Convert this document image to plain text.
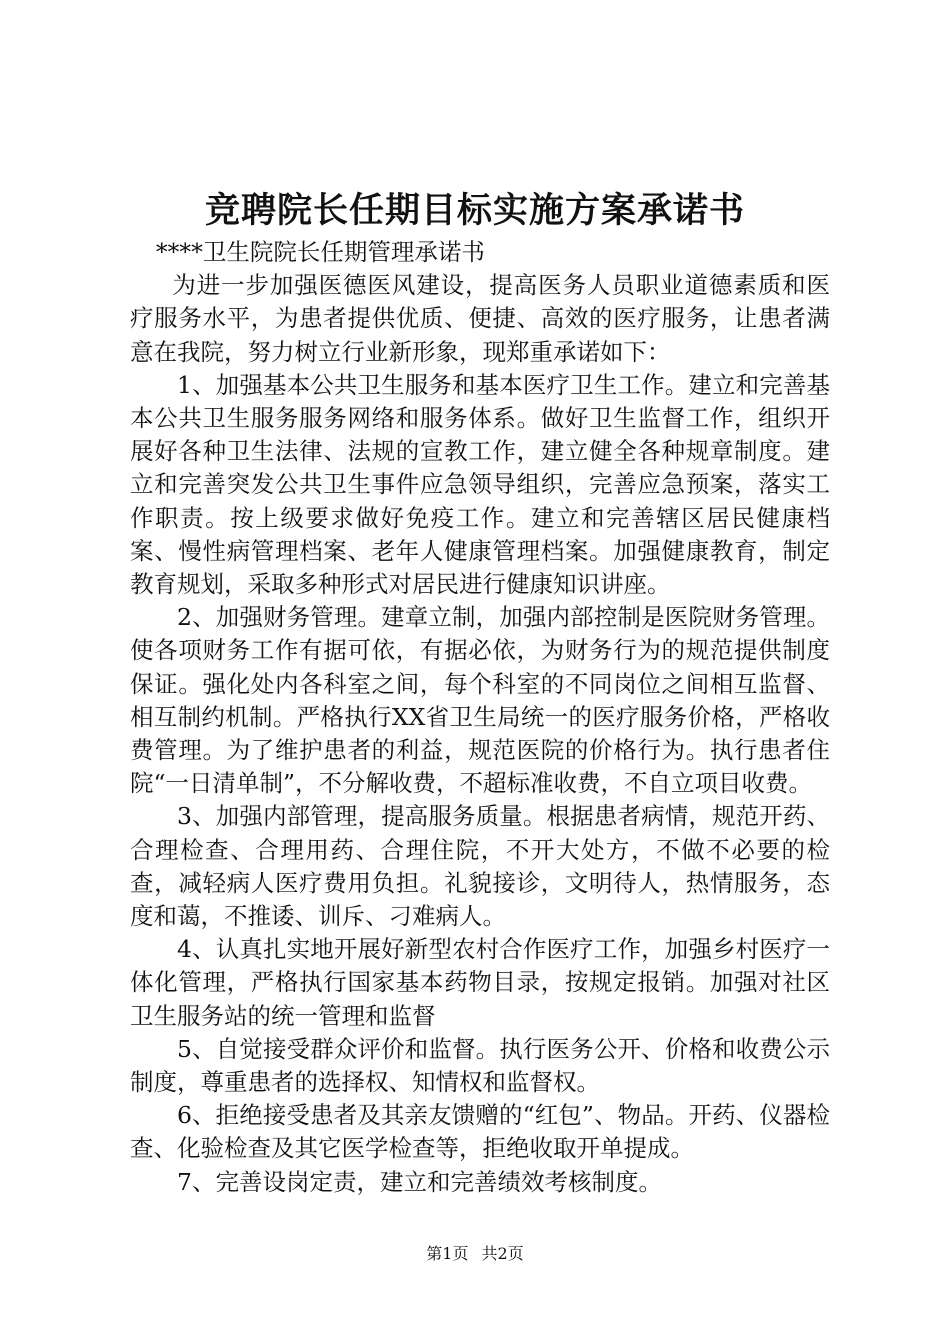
竞聘院长任期目标实施方案承诺书

****卫生院院长任期管理承诺书

为进一步加强医德医风建设，提高医务人员职业道德素质和医疗服务水平，为患者提供优质、便捷、高效的医疗服务，让患者满意在我院，努力树立行业新形象，现郑重承诺如下：

1、加强基本公共卫生服务和基本医疗卫生工作。建立和完善基本公共卫生服务服务网络和服务体系。做好卫生监督工作，组织开展好各种卫生法律、法规的宣教工作，建立健全各种规章制度。建立和完善突发公共卫生事件应急领导组织，完善应急预案，落实工作职责。按上级要求做好免疫工作。建立和完善辖区居民健康档案、慢性病管理档案、老年人健康管理档案。加强健康教育，制定教育规划，采取多种形式对居民进行健康知识讲座。

2、加强财务管理。建章立制，加强内部控制是医院财务管理。使各项财务工作有据可依，有据必依，为财务行为的规范提供制度保证。强化处内各科室之间，每个科室的不同岗位之间相互监督、相互制约机制。严格执行XX省卫生局统一的医疗服务价格，严格收费管理。为了维护患者的利益，规范医院的价格行为。执行患者住院“一日清单制”，不分解收费，不超标准收费，不自立项目收费。

3、加强内部管理，提高服务质量。根据患者病情，规范开药、合理检查、合理用药、合理住院，不开大处方，不做不必要的检查，减轻病人医疗费用负担。礼貌接诊，文明待人，热情服务，态度和蔼，不推诿、训斥、刁难病人。

4、认真扎实地开展好新型农村合作医疗工作，加强乡村医疗一体化管理，严格执行国家基本药物目录，按规定报销。加强对社区卫生服务站的统一管理和监督

5、自觉接受群众评价和监督。执行医务公开、价格和收费公示制度，尊重患者的选择权、知情权和监督权。

6、拒绝接受患者及其亲友馈赠的“红包”、物品。开药、仪器检查、化验检查及其它医学检查等，拒绝收取开单提成。

7、完善设岗定责，建立和完善绩效考核制度。

第1页 共2页
